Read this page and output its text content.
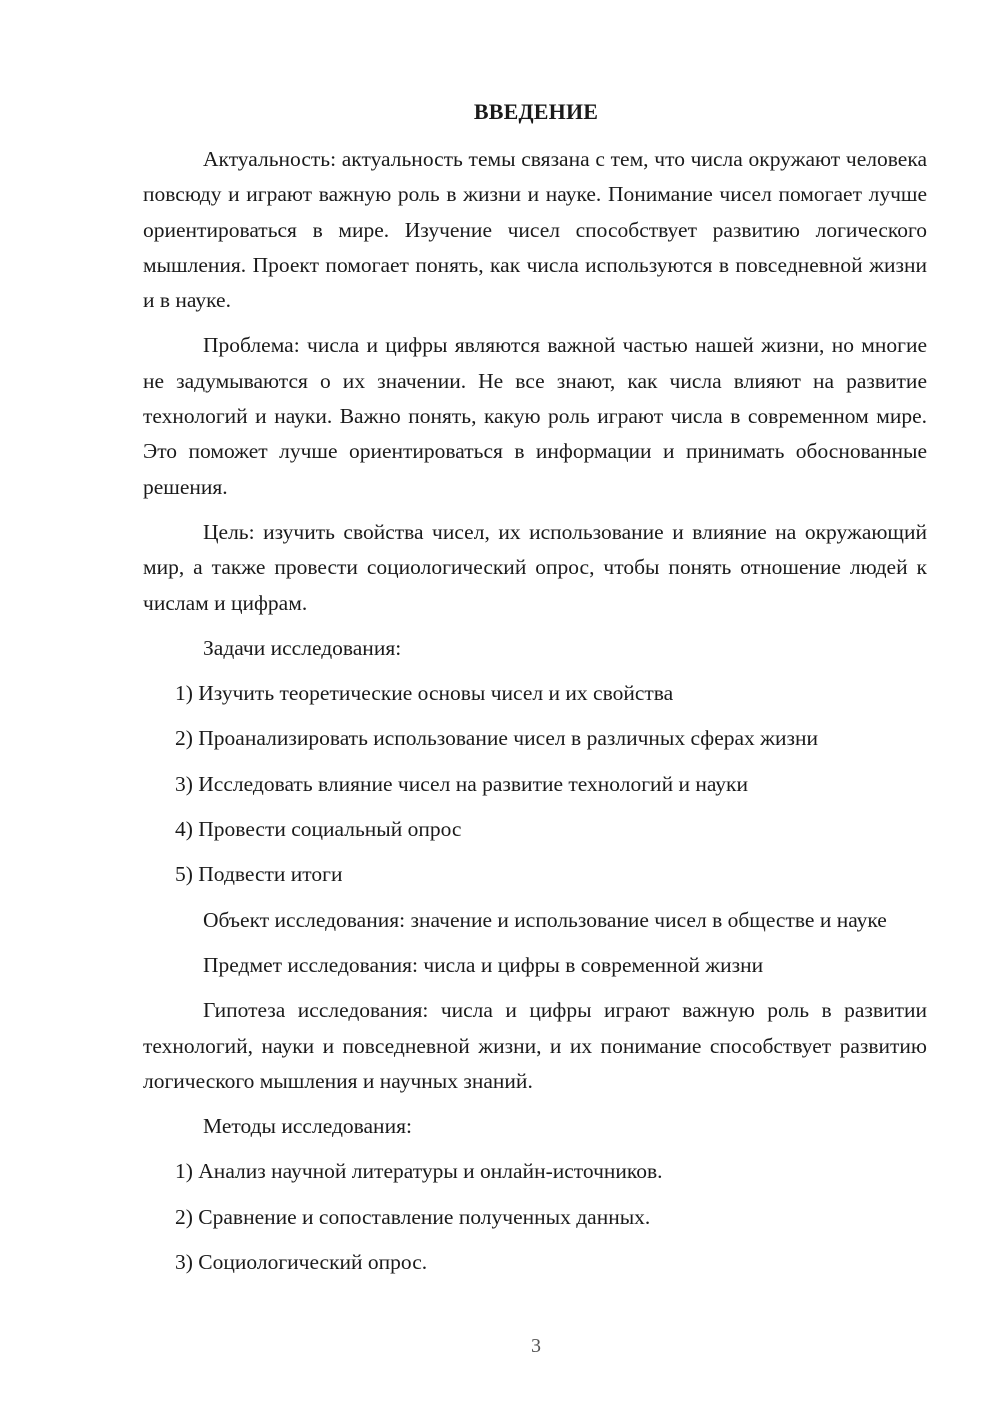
ВВЕДЕНИЕ

Актуальность: актуальность темы связана с тем, что числа окружают человека повсюду и играют важную роль в жизни и науке. Понимание чисел помогает лучше ориентироваться в мире. Изучение чисел способствует развитию логического мышления. Проект помогает понять, как числа используются в повседневной жизни и в науке.

Проблема: числа и цифры являются важной частью нашей жизни, но многие не задумываются о их значении. Не все знают, как числа влияют на развитие технологий и науки. Важно понять, какую роль играют числа в современном мире. Это поможет лучше ориентироваться в информации и принимать обоснованные решения.

Цель: изучить свойства чисел, их использование и влияние на окружающий мир, а также провести социологический опрос, чтобы понять отношение людей к числам и цифрам.

Задачи исследования:
1) Изучить теоретические основы чисел и их свойства
2) Проанализировать использование чисел в различных сферах жизни
3) Исследовать влияние чисел на развитие технологий и науки
4) Провести социальный опрос
5) Подвести итоги

Объект исследования: значение и использование чисел в обществе и науке

Предмет исследования: числа и цифры в современной жизни

Гипотеза исследования: числа и цифры играют важную роль в развитии технологий, науки и повседневной жизни, и их понимание способствует развитию логического мышления и научных знаний.

Методы исследования:
1) Анализ научной литературы и онлайн-источников.
2) Сравнение и сопоставление полученных данных.
3) Социологический опрос.
3
